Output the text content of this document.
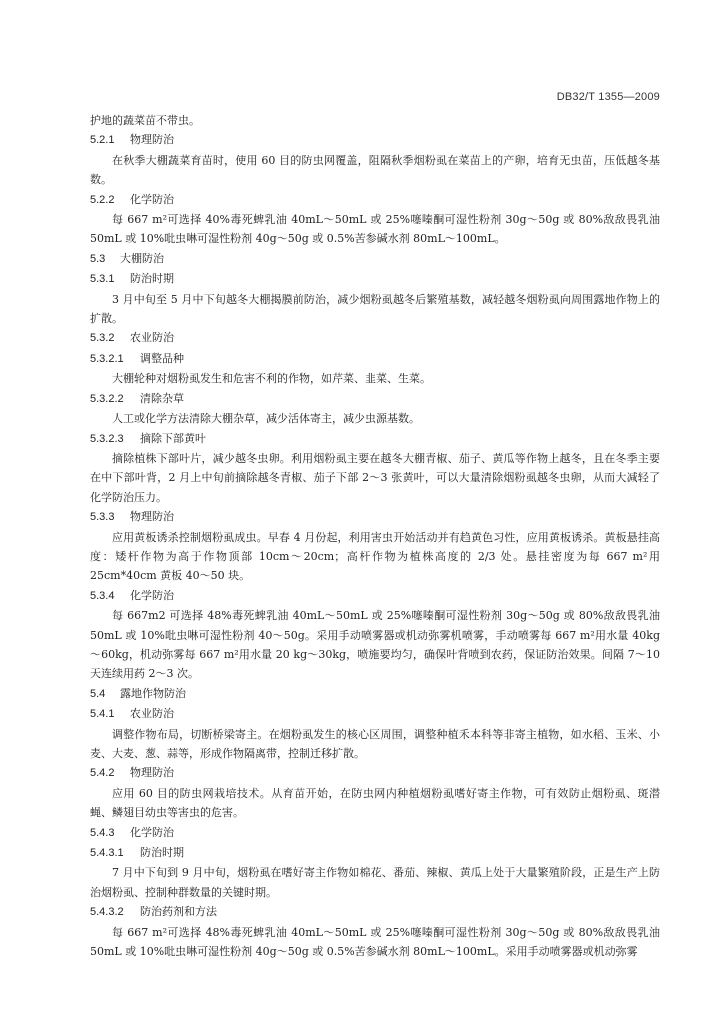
DB32/T 1355—2009

护地的蔬菜苗不带虫。

5.2.1 物理防治

在秋季大棚蔬菜育苗时，使用 60 目的防虫网覆盖，阻隔秋季烟粉虱在菜苗上的产卵，培育无虫苗，压低越冬基数。

5.2.2 化学防治

每 667 m²可选择 40%毒死蜱乳油 40mL～50mL 或 25%噻嗪酮可湿性粉剂 30g～50g 或 80%敌敌畏乳油 50mL 或 10%吡虫啉可湿性粉剂 40g～50g 或 0.5%苦参碱水剂 80mL～100mL。

5.3 大棚防治

5.3.1 防治时期

3 月中旬至 5 月中下旬越冬大棚揭膜前防治，减少烟粉虱越冬后繁殖基数，减轻越冬烟粉虱向周围露地作物上的扩散。

5.3.2 农业防治

5.3.2.1 调整品种

大棚轮种对烟粉虱发生和危害不利的作物，如芹菜、韭菜、生菜。

5.3.2.2 清除杂草

人工或化学方法清除大棚杂草，减少活体寄主，减少虫源基数。

5.3.2.3 摘除下部黄叶

摘除植株下部叶片，减少越冬虫卵。利用烟粉虱主要在越冬大棚青椒、茄子、黄瓜等作物上越冬，且在冬季主要在中下部叶背，2 月上中旬前摘除越冬青椒、茄子下部 2～3 张黄叶，可以大量清除烟粉虱越冬虫卵，从而大减轻了化学防治压力。

5.3.3 物理防治

应用黄板诱杀控制烟粉虱成虫。早春 4 月份起，利用害虫开始活动并有趋黄色习性，应用黄板诱杀。黄板悬挂高度：矮杆作物为高于作物顶部 10cm～20cm；高杆作物为植株高度的 2/3 处。悬挂密度为每 667 m²用 25cm*40cm 黄板 40～50 块。

5.3.4 化学防治

每 667m2 可选择 48%毒死蜱乳油 40mL～50mL 或 25%噻嗪酮可湿性粉剂 30g～50g 或 80%敌敌畏乳油 50mL 或 10%吡虫啉可湿性粉剂 40～50g。采用手动喷雾器或机动弥雾机喷雾，手动喷雾每 667 m²用水量 40kg～60kg，机动弥雾每 667 m²用水量 20 kg～30kg，喷施要均匀，确保叶背喷到农药，保证防治效果。间隔 7～10 天连续用药 2～3 次。

5.4 露地作物防治

5.4.1 农业防治

调整作物布局，切断桥梁寄主。在烟粉虱发生的核心区周围，调整种植禾本科等非寄主植物，如水稻、玉米、小麦、大麦、葱、蒜等，形成作物隔离带，控制迁移扩散。

5.4.2 物理防治

应用 60 目的防虫网栽培技术。从育苗开始，在防虫网内种植烟粉虱嗜好寄主作物，可有效防止烟粉虱、斑潜蝇、鳞翅目幼虫等害虫的危害。

5.4.3 化学防治

5.4.3.1 防治时期

7 月中下旬到 9 月中旬，烟粉虱在嗜好寄主作物如棉花、番茄、辣椒、黄瓜上处于大量繁殖阶段，正是生产上防治烟粉虱、控制种群数量的关键时期。

5.4.3.2 防治药剂和方法

每 667 m²可选择 48%毒死蜱乳油 40mL～50mL 或 25%噻嗪酮可湿性粉剂 30g～50g 或 80%敌敌畏乳油 50mL 或 10%吡虫啉可湿性粉剂 40g～50g 或 0.5%苦参碱水剂 80mL～100mL。采用手动喷雾器或机动弥雾
